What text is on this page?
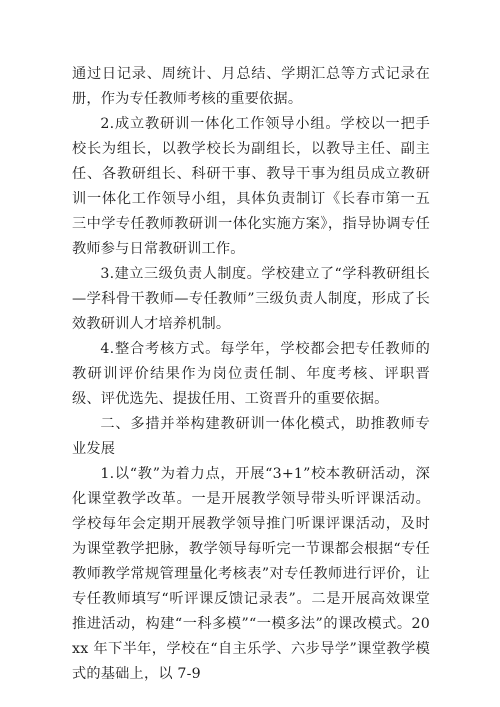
通过日记录、周统计、月总结、学期汇总等方式记录在册，作为专任教师考核的重要依据。

2.成立教研训一体化工作领导小组。学校以一把手校长为组长，以教学校长为副组长，以教导主任、副主任、各教研组长、科研干事、教导干事为组员成立教研训一体化工作领导小组，具体负责制订《长春市第一五三中学专任教师教研训一体化实施方案》，指导协调专任教师参与日常教研训工作。

3.建立三级负责人制度。学校建立了“学科教研组长—学科骨干教师—专任教师”三级负责人制度，形成了长效教研训人才培养机制。

4.整合考核方式。每学年，学校都会把专任教师的教研训评价结果作为岗位责任制、年度考核、评职晋级、评优选先、提拔任用、工资晋升的重要依据。

二、多措并举构建教研训一体化模式，助推教师专业发展

1.以“教”为着力点，开展“3+1”校本教研活动，深化课堂教学改革。一是开展教学领导带头听评课活动。学校每年会定期开展教学领导推门听课评课活动，及时为课堂教学把脉，教学领导每听完一节课都会根据“专任教师教学常规管理量化考核表”对专任教师进行评价，让专任教师填写“听评课反馈记录表”。二是开展高效课堂推进活动，构建“一科多模”“一模多法”的课改模式。20xx 年下半年，学校在“自主乐学、六步导学”课堂教学模式的基础上，以 7-9
